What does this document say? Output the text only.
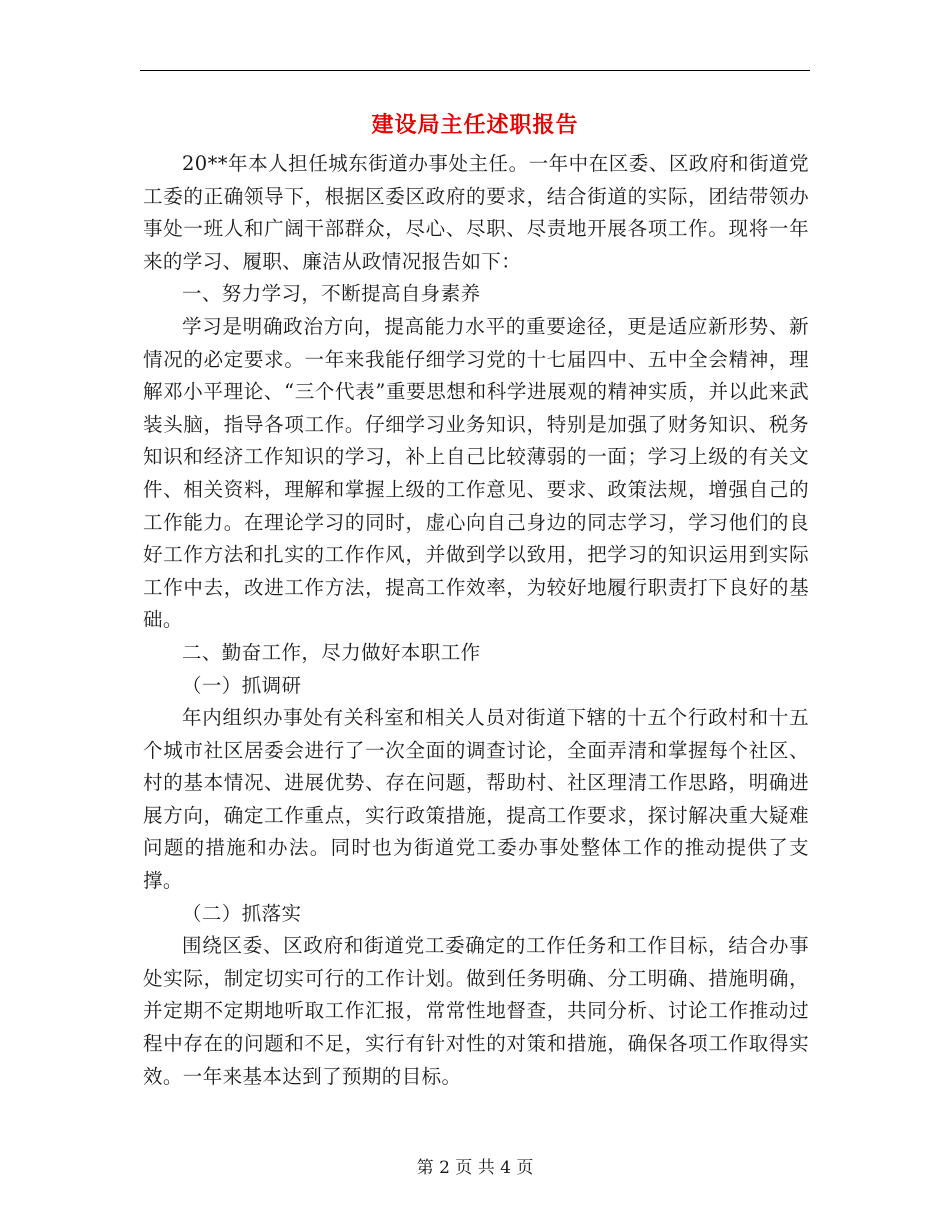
建设局主任述职报告

20**年本人担任城东街道办事处主任。一年中在区委、区政府和街道党工委的正确领导下，根据区委区政府的要求，结合街道的实际，团结带领办事处一班人和广阔干部群众，尽心、尽职、尽责地开展各项工作。现将一年来的学习、履职、廉洁从政情况报告如下：

一、努力学习，不断提高自身素养

学习是明确政治方向，提高能力水平的重要途径，更是适应新形势、新情况的必定要求。一年来我能仔细学习党的十七届四中、五中全会精神，理解邓小平理论、“三个代表”重要思想和科学进展观的精神实质，并以此来武装头脑，指导各项工作。仔细学习业务知识，特别是加强了财务知识、税务知识和经济工作知识的学习，补上自己比较薄弱的一面；学习上级的有关文件、相关资料，理解和掌握上级的工作意见、要求、政策法规，增强自己的工作能力。在理论学习的同时，虚心向自己身边的同志学习，学习他们的良好工作方法和扎实的工作作风，并做到学以致用，把学习的知识运用到实际工作中去，改进工作方法，提高工作效率，为较好地履行职责打下良好的基础。

二、勤奋工作，尽力做好本职工作

（一）抓调研

年内组织办事处有关科室和相关人员对街道下辖的十五个行政村和十五个城市社区居委会进行了一次全面的调查讨论，全面弄清和掌握每个社区、村的基本情况、进展优势、存在问题，帮助村、社区理清工作思路，明确进展方向，确定工作重点，实行政策措施，提高工作要求，探讨解决重大疑难问题的措施和办法。同时也为街道党工委办事处整体工作的推动提供了支撑。

（二）抓落实

围绕区委、区政府和街道党工委确定的工作任务和工作目标，结合办事处实际，制定切实可行的工作计划。做到任务明确、分工明确、措施明确，并定期不定期地听取工作汇报，常常性地督查，共同分析、讨论工作推动过程中存在的问题和不足，实行有针对性的对策和措施，确保各项工作取得实效。一年来基本达到了预期的目标。

第 2 页 共 4 页
